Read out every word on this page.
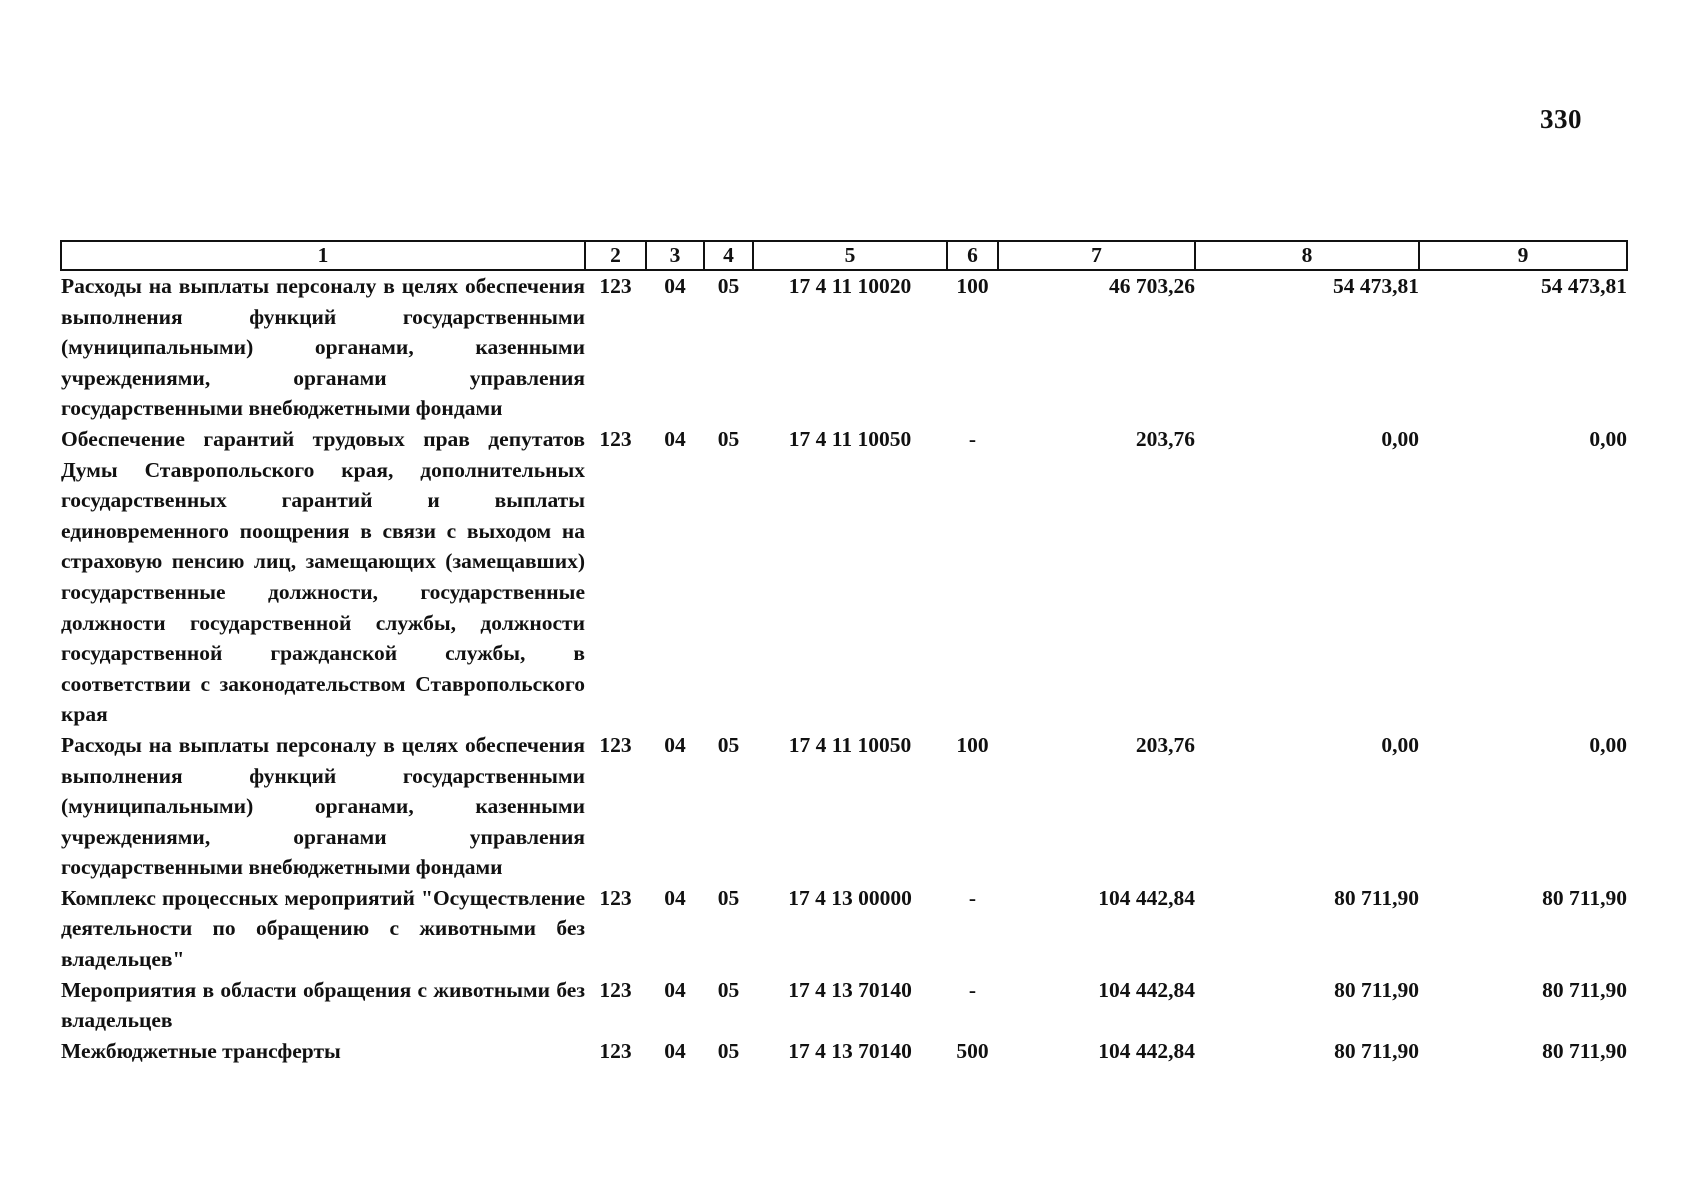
330
1	2	3	4	5	6	7	8	9
Расходы на выплаты персоналу в целях обеспечения выполнения функций государственными (муниципальными) органами, казенными учреждениями, органами управления государственными внебюджетными фондами	123	04	05	17 4 11 10020	100	46 703,26	54 473,81	54 473,81
Обеспечение гарантий трудовых прав депутатов Думы Ставропольского края, дополнительных государственных гарантий и выплаты единовременного поощрения в связи с выходом на страховую пенсию лиц, замещающих (замещавших) государственные должности, государственные должности государственной службы, должности государственной гражданской службы, в соответствии с законодательством Ставропольского края	123	04	05	17 4 11 10050	-	203,76	0,00	0,00
Расходы на выплаты персоналу в целях обеспечения выполнения функций государственными (муниципальными) органами, казенными учреждениями, органами управления государственными внебюджетными фондами	123	04	05	17 4 11 10050	100	203,76	0,00	0,00
Комплекс процессных мероприятий "Осуществление деятельности по обращению с животными без владельцев"	123	04	05	17 4 13 00000	-	104 442,84	80 711,90	80 711,90
Мероприятия в области обращения с животными без владельцев	123	04	05	17 4 13 70140	-	104 442,84	80 711,90	80 711,90
Межбюджетные трансферты	123	04	05	17 4 13 70140	500	104 442,84	80 711,90	80 711,90
